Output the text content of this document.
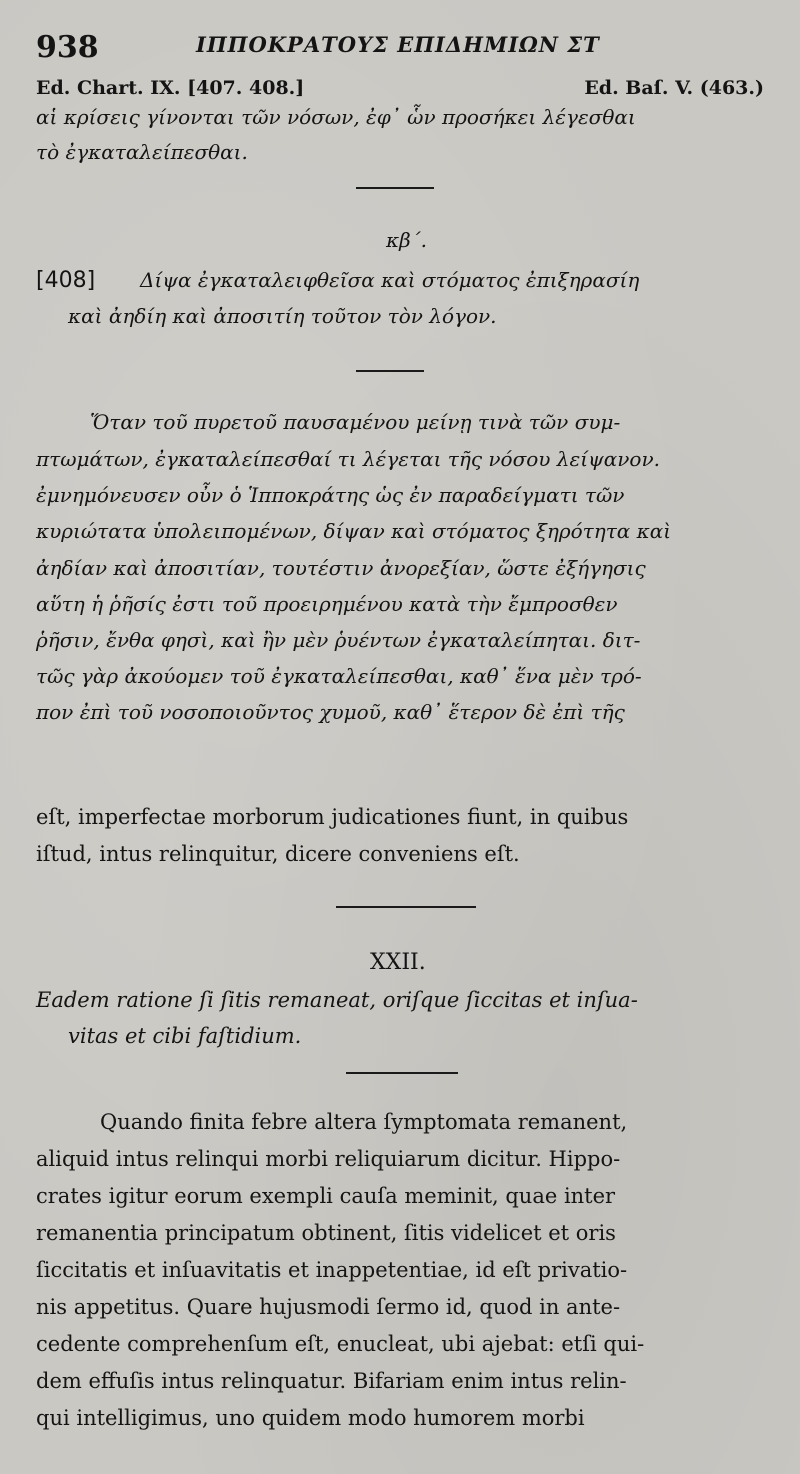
938	ΙΠΠΟΚΡΑΤΟΥΣ ΕΠΙΔΗΜΙΩΝ ΣΤ
Ed. Chart. IX. [407. 408.]	Ed. Baſ. V. (463.)
αἱ κρίσεις γίνονται τῶν νόσων, ἐφ᾽ ὧν προσήκει λέγεσθαι
τὸ ἐγκαταλείπεσθαι.
κβ΄.
[408] Δίψα ἐγκαταλειφθεῖσα καὶ στόματος ἐπιξηρασίη
καὶ ἀηδίη καὶ ἀποσιτίη τοῦτον τὸν λόγον.
Ὅταν τοῦ πυρετοῦ παυσαμένου μείνῃ τινὰ τῶν συμ-
πτωμάτων, ἐγκαταλείπεσθαί τι λέγεται τῆς νόσου λείψανον.
ἐμνημόνευσεν οὖν ὁ Ἱπποκράτης ὡς ἐν παραδείγματι τῶν
κυριώτατα ὑπολειπομένων, δίψαν καὶ στόματος ξηρότητα καὶ
ἀηδίαν καὶ ἀποσιτίαν, τουτέστιν ἀνορεξίαν, ὥστε ἐξήγησις
αὕτη ἡ ῥῆσίς ἐστι τοῦ προειρημένου κατὰ τὴν ἔμπροσθεν
ῥῆσιν, ἔνθα φησὶ, καὶ ἢν μὲν ῥυέντων ἐγκαταλείπηται. διτ-
τῶς γὰρ ἀκούομεν τοῦ ἐγκαταλείπεσθαι, καθ᾽ ἕνα μὲν τρό-
πον ἐπὶ τοῦ νοσοποιοῦντος χυμοῦ, καθ᾽ ἕτερον δὲ ἐπὶ τῆς
eſt, imperfectae morborum judicationes fiunt, in quibus
iſtud, intus relinquitur, dicere conveniens eſt.
XXII.
Eadem ratione ſi ſitis remaneat, oriſque ſiccitas et inſua-
vitas et cibi faſtidium.
Quando finita febre altera ſymptomata remanent,
aliquid intus relinqui morbi reliquiarum dicitur. Hippo-
crates igitur eorum exempli cauſa meminit, quae inter
remanentia principatum obtinent, ſitis videlicet et oris
ſiccitatis et inſuavitatis et inappetentiae, id eſt privatio-
nis appetitus. Quare hujusmodi ſermo id, quod in ante-
cedente comprehenſum eſt, enucleat, ubi ajebat: etſi qui-
dem effuſis intus relinquatur. Bifariam enim intus relin-
qui intelligimus, uno quidem modo humorem morbi
